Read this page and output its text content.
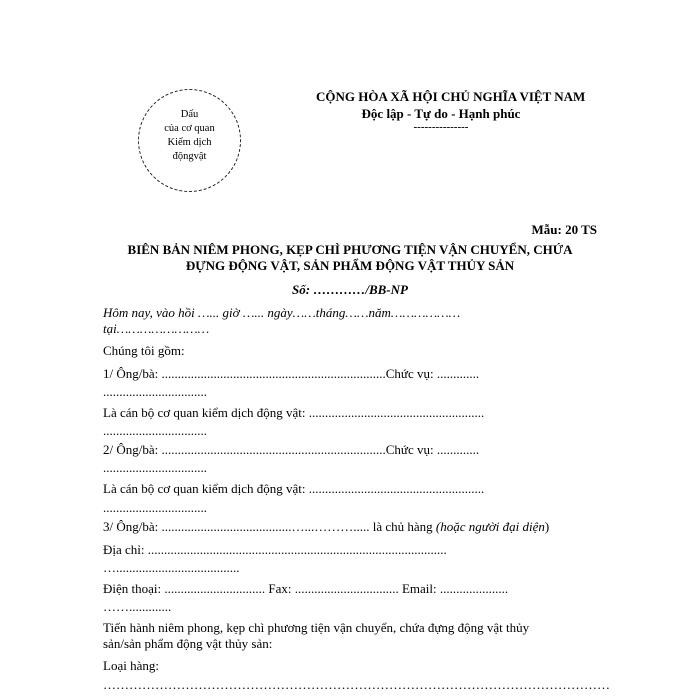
Dấu
của cơ quan
Kiểm dịch
độngvật
CỘNG HÒA XÃ HỘI CHỦ NGHĨA VIỆT NAM
Độc lập - Tự do - Hạnh phúc
---------------
Mẫu: 20 TS
BIÊN BẢN NIÊM PHONG, KẸP CHÌ PHƯƠNG TIỆN VẬN CHUYỂN, CHỨA
ĐỰNG ĐỘNG VẬT, SẢN PHẨM ĐỘNG VẬT THỦY SẢN
Số: …………/BB-NP
Hôm nay, vào hồi …... giờ …... ngày……tháng……năm………………
tại……………………
Chúng tôi gồm:
1/ Ông/bà: .....................................................................Chức vụ: .............
................................
Là cán bộ cơ quan kiểm dịch động vật: ......................................................
................................
2/ Ông/bà: .....................................................................Chức vụ: .............
................................
Là cán bộ cơ quan kiểm dịch động vật: ......................................................
................................
3/ Ông/bà: ........................................…...………..... là chủ hàng (hoặc người đại diện)
Địa chỉ: ............................................................................................
…......................................
Điện thoại: ............................... Fax: ................................ Email: .....................
…….............
Tiến hành niêm phong, kẹp chì phương tiện vận chuyển, chứa đựng động vật thủy
sản/sản phẩm động vật thủy sản:
Loại hàng:
………………………………………………………………………………………………………
